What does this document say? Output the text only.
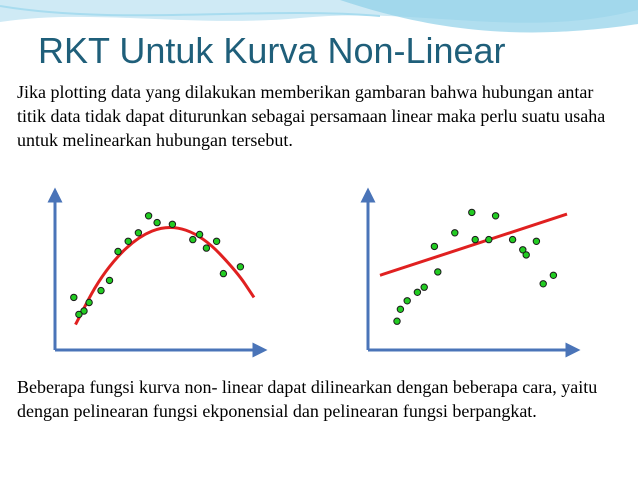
RKT Untuk Kurva Non-Linear
Jika plotting data yang dilakukan memberikan gambaran bahwa hubungan antar titik data tidak dapat diturunkan sebagai persamaan linear maka perlu suatu usaha untuk melinearkan hubungan tersebut.
Beberapa fungsi kurva non- linear dapat dilinearkan dengan beberapa cara, yaitu dengan pelinearan fungsi ekponensial dan pelinearan fungsi berpangkat.
